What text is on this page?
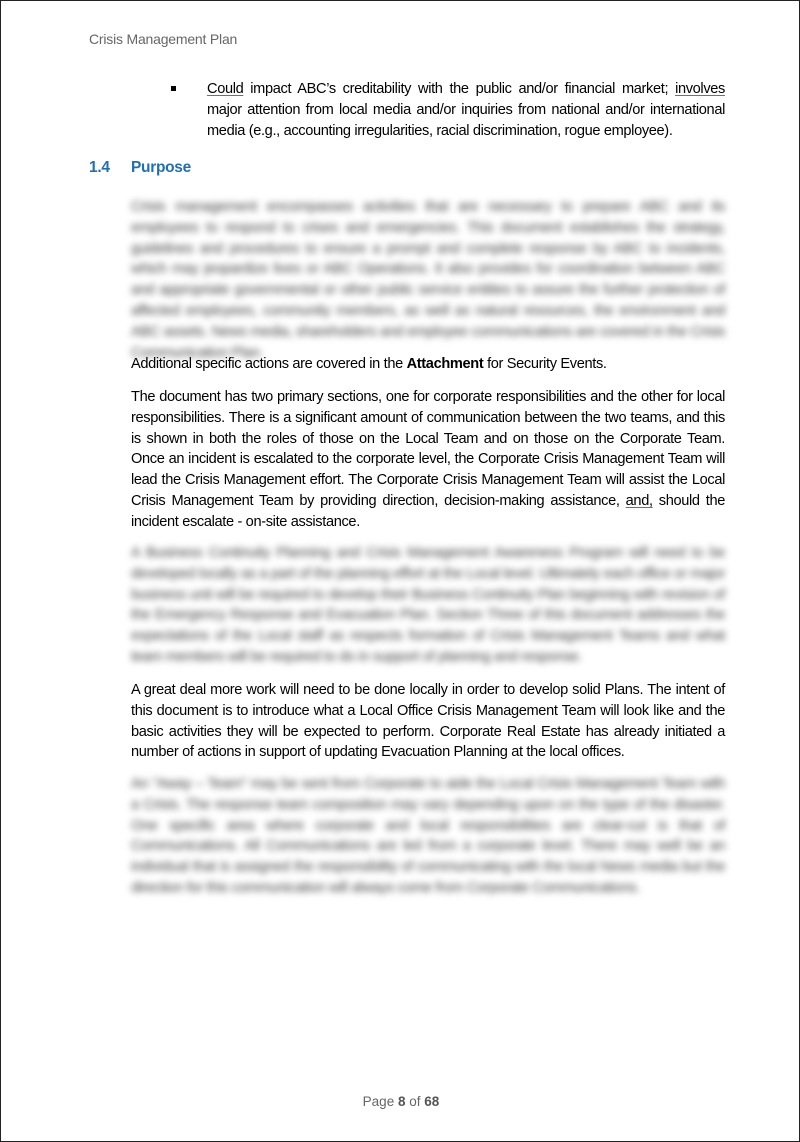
Crisis Management Plan

Could impact ABC’s creditability with the public and/or financial market; involves major attention from local media and/or inquiries from national and/or international media (e.g., accounting irregularities, racial discrimination, rogue employee).

1.4 Purpose

Crisis management encompasses activities that are necessary to prepare ABC and its employees to respond to crises and emergencies. This document establishes the strategy, guidelines and procedures to ensure a prompt and complete response by ABC to incidents, which may jeopardize lives or ABC Operations. It also provides for coordination between ABC and appropriate governmental or other public service entities to assure the further protection of affected employees, community members, as well as natural resources, the environment and ABC assets. News media, shareholders and employee communications are covered in the Crisis Communication Plan.

Additional specific actions are covered in the Attachment for Security Events.

The document has two primary sections, one for corporate responsibilities and the other for local responsibilities. There is a significant amount of communication between the two teams, and this is shown in both the roles of those on the Local Team and on those on the Corporate Team. Once an incident is escalated to the corporate level, the Corporate Crisis Management Team will lead the Crisis Management effort. The Corporate Crisis Management Team will assist the Local Crisis Management Team by providing direction, decision-making assistance, and, should the incident escalate - on-site assistance.

A Business Continuity Planning and Crisis Management Awareness Program will need to be developed locally as a part of the planning effort at the Local level. Ultimately each office or major business unit will be required to develop their Business Continuity Plan beginning with revision of the Emergency Response and Evacuation Plan. Section Three of this document addresses the expectations of the Local staff as respects formation of Crisis Management Teams and what team members will be required to do in support of planning and response.

A great deal more work will need to be done locally in order to develop solid Plans. The intent of this document is to introduce what a Local Office Crisis Management Team will look like and the basic activities they will be expected to perform. Corporate Real Estate has already initiated a number of actions in support of updating Evacuation Planning at the local offices.

An "Away – Team" may be sent from Corporate to aide the Local Crisis Management Team with a Crisis. The response team composition may vary depending upon on the type of the disaster. One specific area where corporate and local responsibilities are clear-cut is that of Communications. All Communications are led from a corporate level. There may well be an individual that is assigned the responsibility of communicating with the local News media but the direction for this communication will always come from Corporate Communications.

Page 8 of 68
